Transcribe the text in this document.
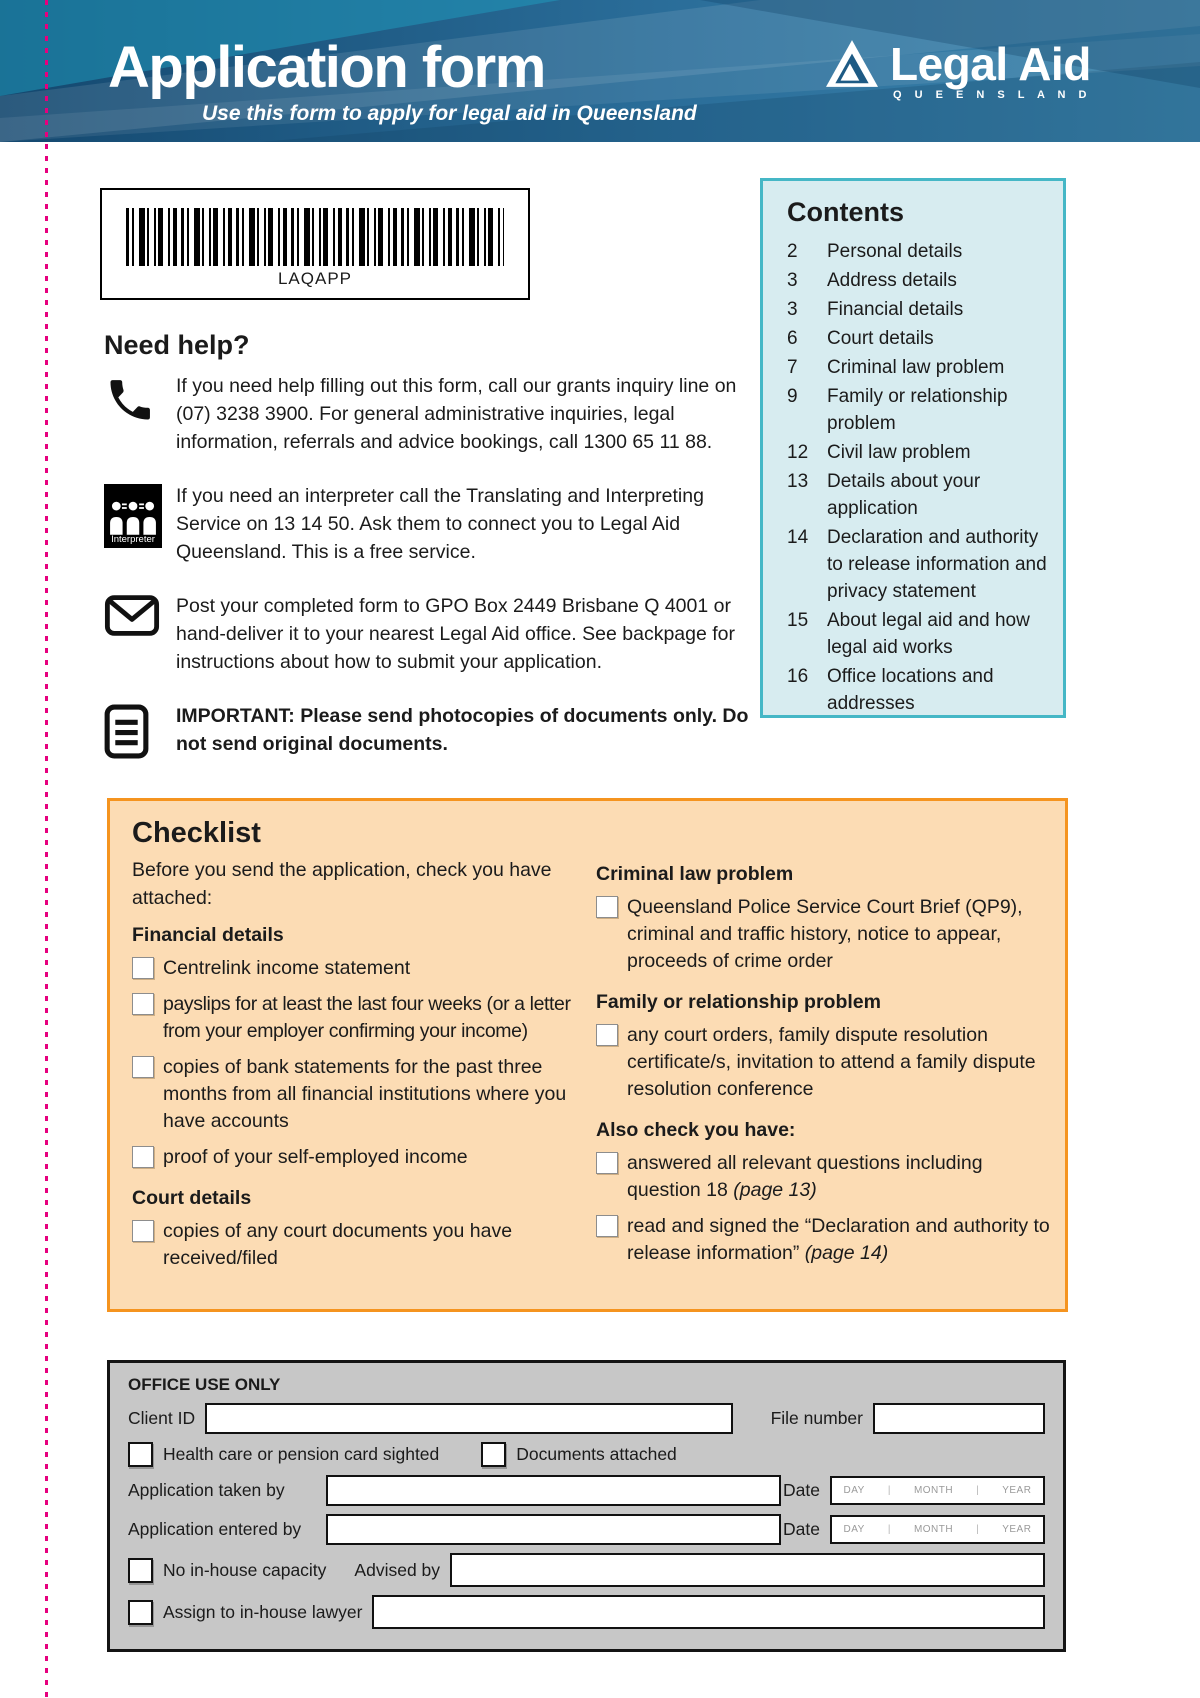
Application form
Use this form to apply for legal aid in Queensland
Legal Aid
Q U E E N S L A N D
LAQAPP
Need help?
If you need help filling out this form, call our grants inquiry line on (07) 3238 3900. For general administrative inquiries, legal information, referrals and advice bookings, call 1300 65 11 88.
Interpreter
If you need an interpreter call the Translating and Interpreting Service on 13 14 50. Ask them to connect you to Legal Aid Queensland. This is a free service.
Post your completed form to GPO Box 2449 Brisbane Q 4001 or hand-deliver it to your nearest Legal Aid office. See backpage for instructions about how to submit your application.
IMPORTANT: Please send photocopies of documents only. Do not send original documents.
Contents
2	Personal details
3	Address details
3	Financial details
6	Court details
7	Criminal law problem
9	Family or relationship problem
12 Civil law problem
13 Details about your application
14 Declaration and authority to release information and privacy statement
15 About legal aid and how legal aid works
16 Office locations and addresses
Checklist
Before you send the application, check you have attached:
Financial details
Centrelink income statement
payslips for at least the last four weeks (or a letter from your employer confirming your income)
copies of bank statements for the past three months from all financial institutions where you have accounts
proof of your self-employed income
Court details
copies of any court documents you have received/filed
Criminal law problem
Queensland Police Service Court Brief (QP9), criminal and traffic history, notice to appear, proceeds of crime order
Family or relationship problem
any court orders, family dispute resolution certificate/s, invitation to attend a family dispute resolution conference
Also check you have:
answered all relevant questions including question 18 (page 13)
read and signed the “Declaration and authority to release information” (page 14)
OFFICE USE ONLY
Client ID	File number
Health care or pension card sighted	Documents attached
Application taken by	Date DAY | MONTH | YEAR
Application entered by	Date DAY | MONTH | YEAR
No in-house capacity Advised by
Assign to in-house lawyer
